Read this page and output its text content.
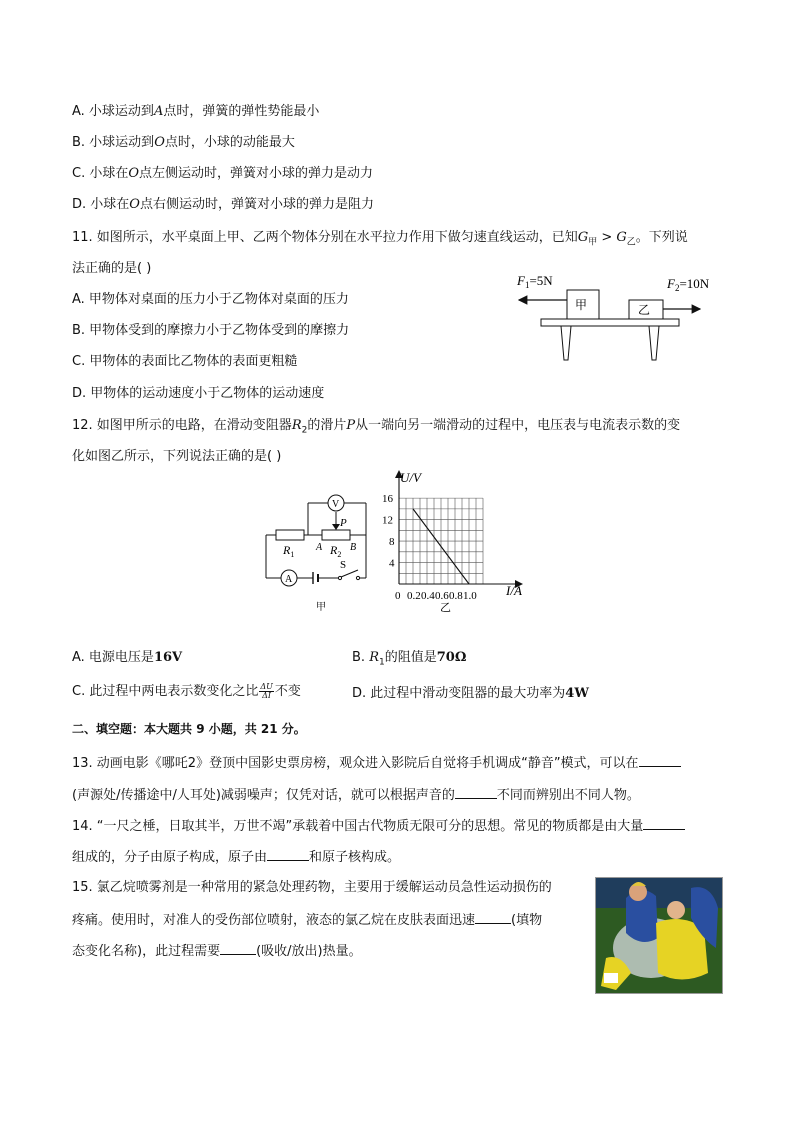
A. 小球运动到A点时，弹簧的弹性势能最小
B. 小球运动到O点时，小球的动能最大
C. 小球在O点左侧运动时，弹簧对小球的弹力是动力
D. 小球在O点右侧运动时，弹簧对小球的弹力是阻力
11. 如图所示，水平桌面上甲、乙两个物体分别在水平拉力作用下做匀速直线运动，已知$G_甲 > G_乙$。下列说
法正确的是( )
A. 甲物体对桌面的压力小于乙物体对桌面的压力
B. 甲物体受到的摩擦力小于乙物体受到的摩擦力
C. 甲物体的表面比乙物体的表面更粗糙
D. 甲物体的运动速度小于乙物体的运动速度
$F_1=5N$	$F_2=10N$
甲	乙
12. 如图甲所示的电路，在滑动变阻器$R_2$的滑片P从一端向另一端滑动的过程中，电压表与电流表示数的变
化如图乙所示，下列说法正确的是( )
V
A
P
$R_1$
A $R_2$
B
S
甲
0 0.2 0.4 0.6 0.8 1.0
4
8
12
16
U/V
I/A
乙
A. 电源电压是16V	B. $R_1$的阻值是70Ω
C. 此过程中两电表示数变化之比 $\frac{\Delta U}{\Delta I}$ 不变	D. 此过程中滑动变阻器的最大功率为4W
二、填空题：本大题共 9 小题，共 21 分。
13. 动画电影《哪吒2》登顶中国影史票房榜，观众进入影院后自觉将手机调成“静音”模式，可以在
(声源处/传播途中/人耳处)减弱噪声；仅凭对话，就可以根据声音的	不同而辨别出不同人物。
14. “一尺之棰，日取其半，万世不竭”承载着中国古代物质无限可分的思想。常见的物质都是由大量
组成的，分子由原子构成，原子由	和原子核构成。
15. 氯乙烷喷雾剂是一种常用的紧急处理药物，主要用于缓解运动员急性运动损伤的
疼痛。使用时，对准人的受伤部位喷射，液态的氯乙烷在皮肤表面迅速	(填物
态变化名称)，此过程需要	(吸收/放出)热量。
